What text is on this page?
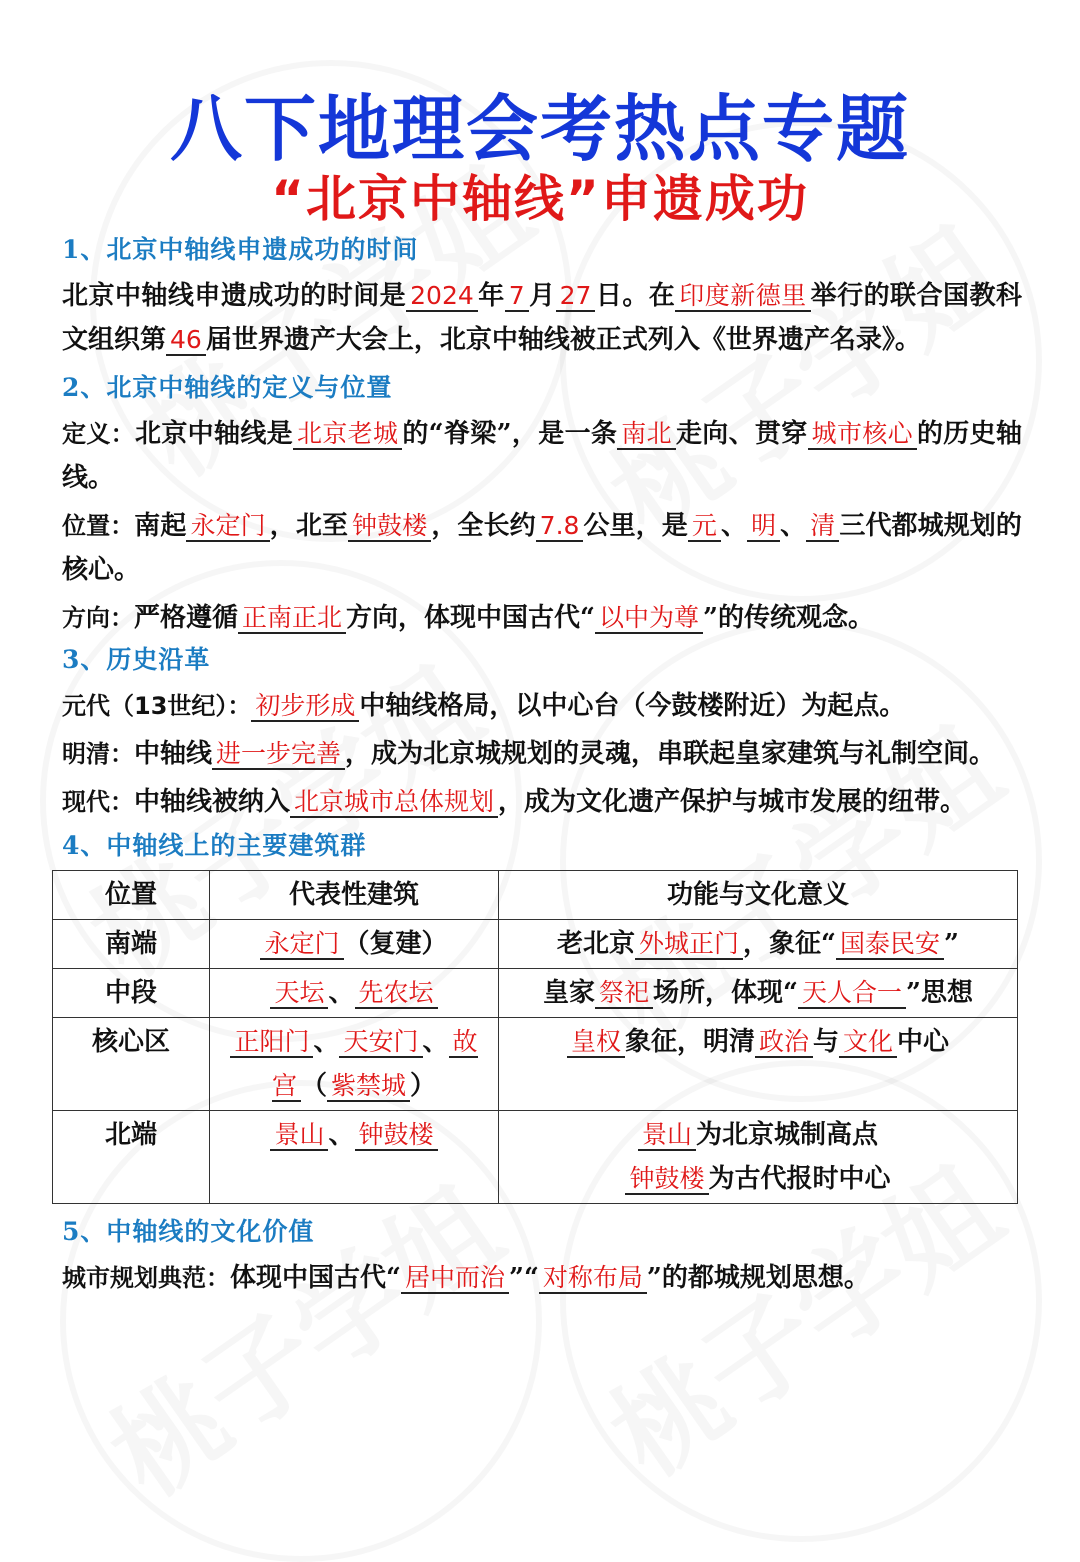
八下地理会考热点专题
“北京中轴线”申遗成功
1、北京中轴线申遗成功的时间
北京中轴线申遗成功的时间是 2024 年 7 月 27 日。在 印度新德里 举行的联合国教科文组织第 46 届世界遗产大会上，北京中轴线被正式列入《世界遗产名录》。
2、北京中轴线的定义与位置
定义：北京中轴线是 北京老城 的“脊梁”，是一条 南北 走向、贯穿 城市核心 的历史轴线。
位置：南起 永定门 ，北至 钟鼓楼 ，全长约 7.8 公里，是 元 、 明 、 清 三代都城规划的核心。
方向：严格遵循 正南正北 方向，体现中国古代“ 以中为尊 ”的传统观念。
3、历史沿革
元代（13世纪）： 初步形成 中轴线格局，以中心台（今鼓楼附近）为起点。
明清：中轴线 进一步完善 ，成为北京城规划的灵魂，串联起皇家建筑与礼制空间。
现代：中轴线被纳入 北京城市总体规划 ，成为文化遗产保护与城市发展的纽带。
4、中轴线上的主要建筑群
位置	代表性建筑	功能与文化意义
南端	永定门 （复建）	老北京 外城正门 ，象征“ 国泰民安 ”
中段	天坛 、 先农坛	皇家 祭祀 场所，体现“ 天人合一 ”思想
核心区	正阳门 、 天安门 、 故宫 （ 紫禁城 ）	皇权 象征，明清 政治 与 文化 中心
北端	景山 、 钟鼓楼	景山 为北京城制高点
钟鼓楼 为古代报时中心
5、中轴线的文化价值
城市规划典范：体现中国古代“ 居中而治 ”“ 对称布局 ”的都城规划思想。
